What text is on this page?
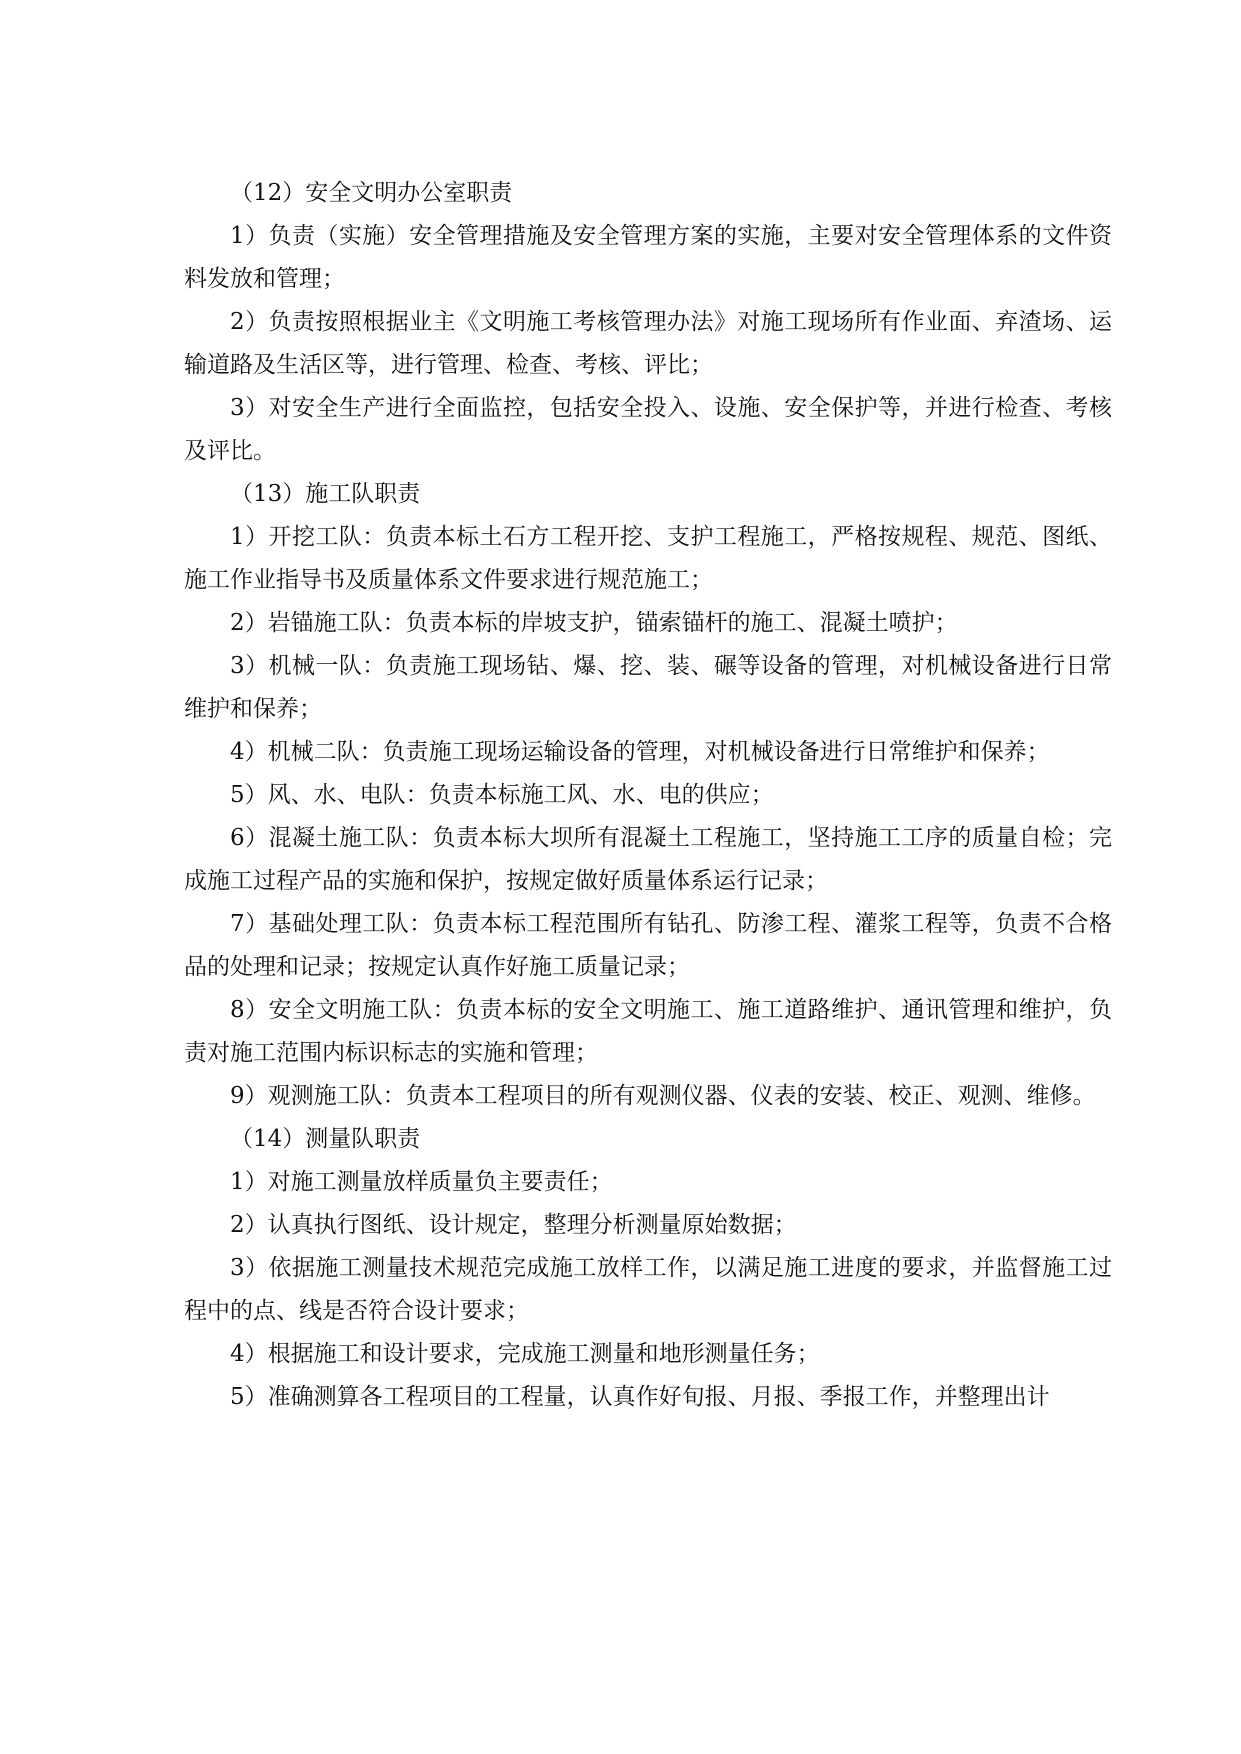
（12）安全文明办公室职责

1）负责（实施）安全管理措施及安全管理方案的实施，主要对安全管理体系的文件资料发放和管理；

2）负责按照根据业主《文明施工考核管理办法》对施工现场所有作业面、弃渣场、运输道路及生活区等，进行管理、检查、考核、评比；

3）对安全生产进行全面监控，包括安全投入、设施、安全保护等，并进行检查、考核及评比。

（13）施工队职责

1）开挖工队：负责本标土石方工程开挖、支护工程施工，严格按规程、规范、图纸、施工作业指导书及质量体系文件要求进行规范施工；

2）岩锚施工队：负责本标的岸坡支护，锚索锚杆的施工、混凝土喷护；

3）机械一队：负责施工现场钻、爆、挖、装、碾等设备的管理，对机械设备进行日常维护和保养；

4）机械二队：负责施工现场运输设备的管理，对机械设备进行日常维护和保养；

5）风、水、电队：负责本标施工风、水、电的供应；

6）混凝土施工队：负责本标大坝所有混凝土工程施工，坚持施工工序的质量自检；完成施工过程产品的实施和保护，按规定做好质量体系运行记录；

7）基础处理工队：负责本标工程范围所有钻孔、防渗工程、灌浆工程等，负责不合格品的处理和记录；按规定认真作好施工质量记录；

8）安全文明施工队：负责本标的安全文明施工、施工道路维护、通讯管理和维护，负责对施工范围内标识标志的实施和管理；

9）观测施工队：负责本工程项目的所有观测仪器、仪表的安装、校正、观测、维修。

（14）测量队职责

1）对施工测量放样质量负主要责任；

2）认真执行图纸、设计规定，整理分析测量原始数据；

3）依据施工测量技术规范完成施工放样工作，以满足施工进度的要求，并监督施工过程中的点、线是否符合设计要求；

4）根据施工和设计要求，完成施工测量和地形测量任务；

5）准确测算各工程项目的工程量，认真作好旬报、月报、季报工作，并整理出计
